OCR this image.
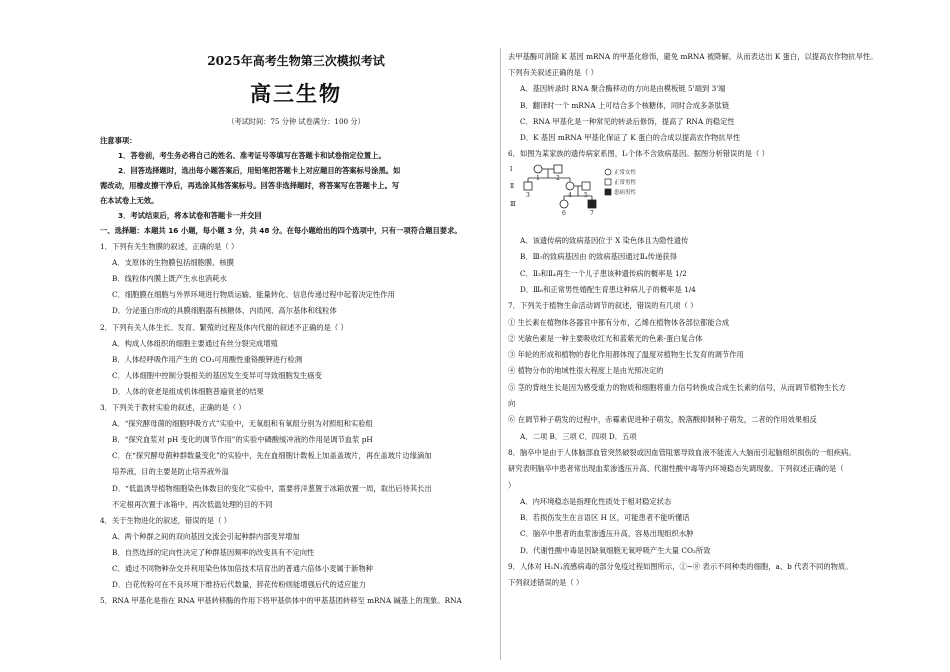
2025年高考生物第三次模拟考试
高三生物
（考试时间：75 分钟 试卷满分：100 分）
注意事项：
1．答卷前，考生务必将自己的姓名、准考证号等填写在答题卡和试卷指定位置上。
2．回答选择题时，选出每小题答案后，用铅笔把答题卡上对应题目的答案标号涂黑。如
需改动，用橡皮擦干净后，再选涂其他答案标号。回答非选择题时，将答案写在答题卡上。写
在本试卷上无效。
3．考试结束后，将本试卷和答题卡一并交回
一、选择题：本题共 16 小题，每小题 3 分，共 48 分。在每小题给出的四个选项中，只有一项符合题目要求。
1．下列有关生物膜的叙述，正确的是（ ）
A．支原体的生物膜包括细胞膜、核膜
B．线粒体内膜上既产生水也消耗水
C．细胞膜在细胞与外界环境进行物质运输、能量转化、信息传递过程中起着决定性作用
D．分泌蛋白形成的具膜细胞器有核糖体、内质网、高尔基体和线粒体
2．下列有关人体生长、发育、繁殖的过程及体内代谢的叙述不正确的是（ ）
A．构成人体组织的细胞主要通过有丝分裂完成增殖
B．人体经呼吸作用产生的 CO₂可用酸性重铬酸钾进行检测
C．人体细胞中控制分裂相关的基因发生变异可导致细胞发生癌变
D．人体的衰老是组成机体细胞普遍衰老的结果
3．下列关于教材实验的叙述，正确的是（ ）
A．“探究酵母菌的细胞呼吸方式”实验中，无氧组和有氧组分别为对照组和实验组
B．“探究血浆对 pH 变化的调节作用”的实验中磷酸缓冲液的作用是调节血浆 pH
C．在“探究酵母菌种群数量变化”的实验中，先在血细胞计数板上加盖盖玻片，再在盖玻片边缘滴加
培养液，目的主要是防止培养液外溢
D．“低温诱导植物细胞染色体数目的变化”实验中，需要将洋葱置于冰箱放置一周，取出后待其长出
不定根再次置于冰箱中，再次低温处理的目的不同
4．关于生物进化的叙述，错误的是（ ）
A．两个种群之间的双向基因交流会引起种群内部变异增加
B．自然选择的定向性决定了种群基因频率的改变具有不定向性
C．通过不同物种杂交并利用染色体加倍技术培育出的普通六倍体小麦属于新物种
D．白花传粉可在不良环境下维持后代数量，猝花传粉则能增强后代的适应能力
5．RNA 甲基化是指在 RNA 甲基转移酶的作用下将甲基供体中的甲基基团转移至 mRNA 碱基上的现象。RNA
去甲基酶可消除 K 基因 mRNA 的甲基化修饰，避免 mRNA 被降解，从而表达出 K 蛋白，以提高农作物抗旱性。
下列有关叙述正确的是（ ）
A．基因转录时 RNA 聚合酶移动的方向是由模板链 5'端到 3'端
B．翻译时一个 mRNA 上可结合多个核糖体，同时合成多条肽链
C．RNA 甲基化是一种常见的转录后修饰，提高了 RNA 的稳定性
D．K 基因 mRNA 甲基化保证了 K 蛋白的合成以提高农作物抗旱性
6．如图为某家族的遗传病家系图，Ⅰ₂个体不含致病基因。据图分析错误的是（ ）
A．该遗传病的致病基因位于 X 染色体且为隐性遗传
B．Ⅲ₇的致病基因由 的致病基因通过Ⅱ₄传递获得
C．Ⅱ₃和Ⅱ₄再生一个儿子患该种遗传病的概率是 1/2
D．Ⅲ₆和正常男性婚配生育患这种病儿子的概率是 1/4
7．下列关于植物生命活动调节的叙述，错误的有几项（ ）
① 生长素在植物体各器官中都有分布，乙烯在植物体各部位都能合成
② 光敏色素是一种主要吸收红光和蓝紫光的色素-蛋白复合体
③ 年轮的形成和植物的春化作用都体现了温度对植物生长发育的调节作用
④ 植物分布的地域性很大程度上是由光照决定的
⑤ 茎的背地生长是因为感受重力的物质和细胞将重力信号转换成合成生长素的信号，从而调节植物生长方
向
⑥ 在调节种子萌发的过程中，赤霉素促进种子萌发，脱落酸抑制种子萌发，二者的作用效果相反
A．二项 B．三项 C．四项 D．五项
8．脑卒中是由于人体脑部血管突然破裂或因血管阻塞导致血液不能流入大脑而引起脑组织损伤的一组疾病。
研究表明脑卒中患者常出现血浆渗透压升高、代谢性酸中毒等内环境稳态失调现象。下列叙述正确的是（
）
A．内环境稳态是指理化性质处于相对稳定状态
B．若损伤发生在言语区 H 区，可能患者不能听懂话
C．脑卒中患者的血浆渗透压升高，容易出现组织水肿
D．代谢性酸中毒是因缺氧细胞无氧呼吸产生大量 CO₂所致
9．人体对 H₁N₁流感病毒的部分免疫过程如图所示，①~⑧ 表示不同种类的细胞，a、b 代表不同的物质。
下列叙述错误的是（ ）
Ⅰ
Ⅱ
Ⅲ
1	2
3	4 5
6	7
正常女性
正常男性
患病男性
